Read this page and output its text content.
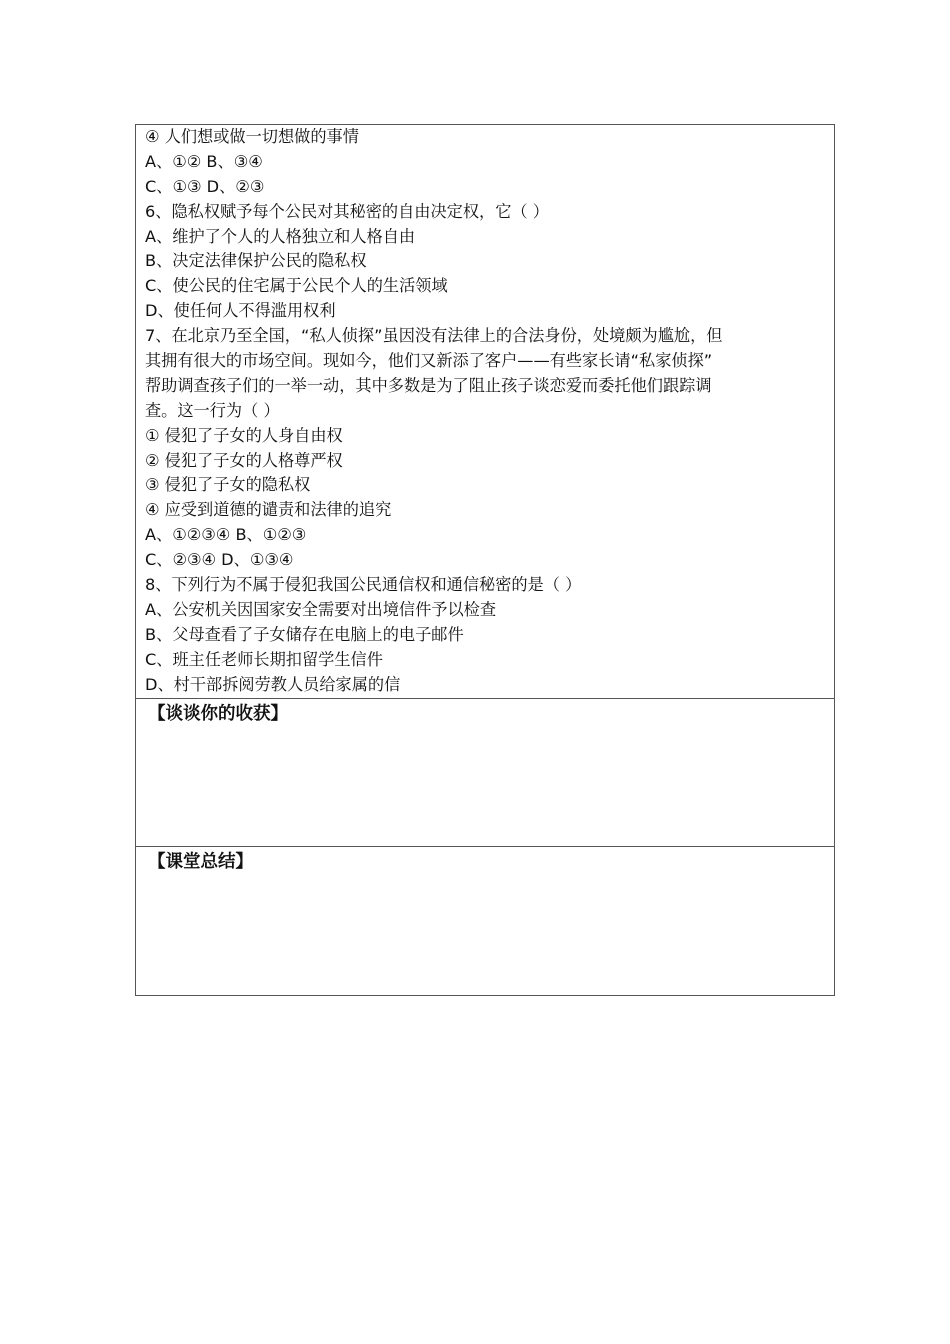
④ 人们想或做一切想做的事情
A、①② B、③④
C、①③ D、②③
6、隐私权赋予每个公民对其秘密的自由决定权，它（ ）
A、维护了个人的人格独立和人格自由
B、决定法律保护公民的隐私权
C、使公民的住宅属于公民个人的生活领域
D、使任何人不得滥用权利
7、在北京乃至全国，“私人侦探”虽因没有法律上的合法身份，处境颇为尴尬，但
其拥有很大的市场空间。现如今，他们又新添了客户——有些家长请“私家侦探”
帮助调查孩子们的一举一动，其中多数是为了阻止孩子谈恋爱而委托他们跟踪调
查。这一行为（ ）
① 侵犯了子女的人身自由权
② 侵犯了子女的人格尊严权
③ 侵犯了子女的隐私权
④ 应受到道德的谴责和法律的追究
A、①②③④ B、①②③
C、②③④ D、①③④
8、下列行为不属于侵犯我国公民通信权和通信秘密的是（ ）
A、公安机关因国家安全需要对出境信件予以检查
B、父母查看了子女储存在电脑上的电子邮件
C、班主任老师长期扣留学生信件
D、村干部拆阅劳教人员给家属的信
【谈谈你的收获】
【课堂总结】
